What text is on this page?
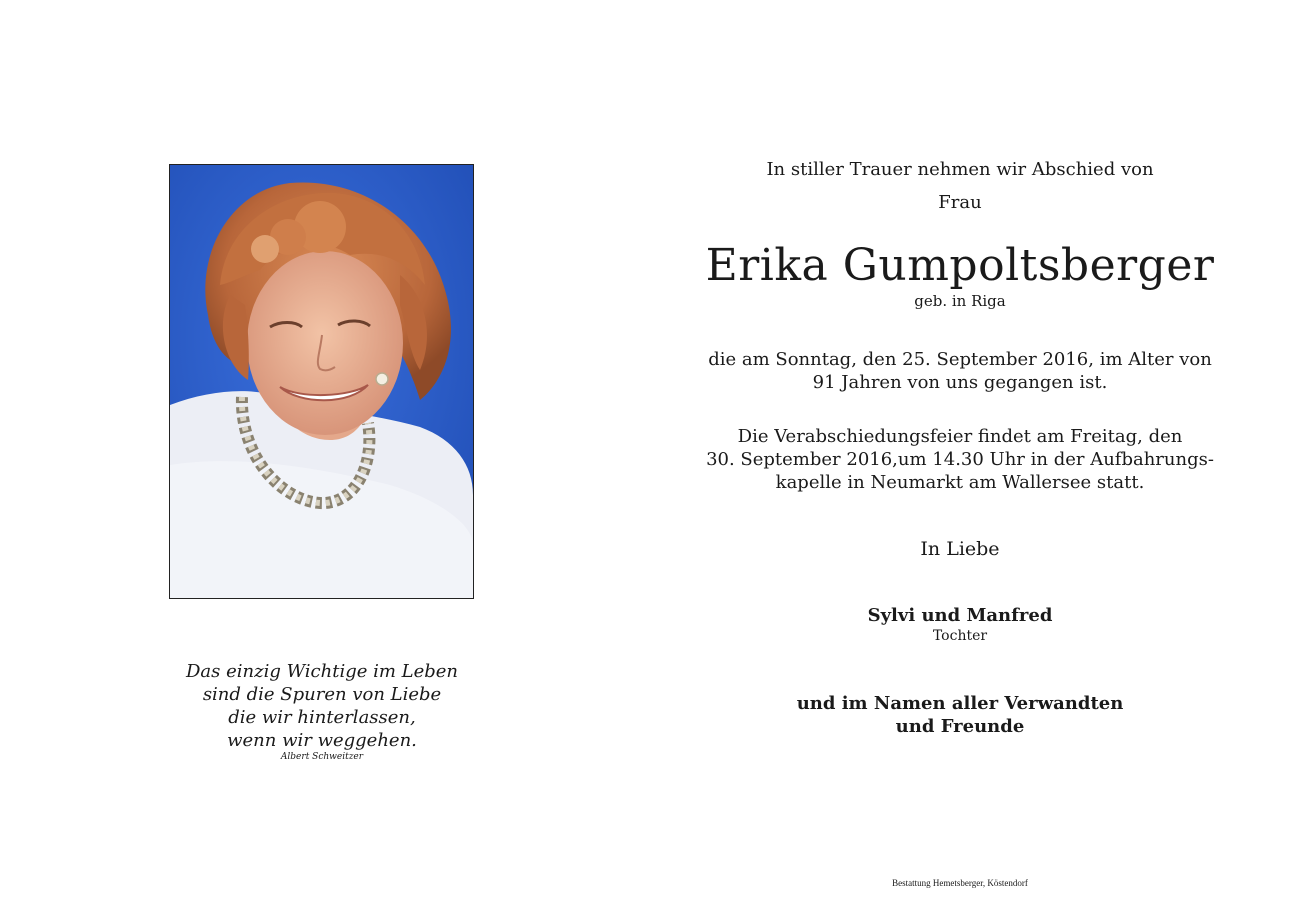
Das einzig Wichtige im Leben
sind die Spuren von Liebe
die wir hinterlassen,
wenn wir weggehen.
Albert Schweitzer
In stiller Trauer nehmen wir Abschied von
Frau
Erika Gumpoltsberger
geb. in Riga
die am Sonntag, den 25. September 2016, im Alter von
91 Jahren von uns gegangen ist.
Die Verabschiedungsfeier findet am Freitag, den
30. September 2016,um 14.30 Uhr in der Aufbahrungs-
kapelle in Neumarkt am Wallersee statt.
In Liebe
Sylvi und Manfred
Tochter
und im Namen aller Verwandten
und Freunde
Bestattung Hemetsberger, Köstendorf
